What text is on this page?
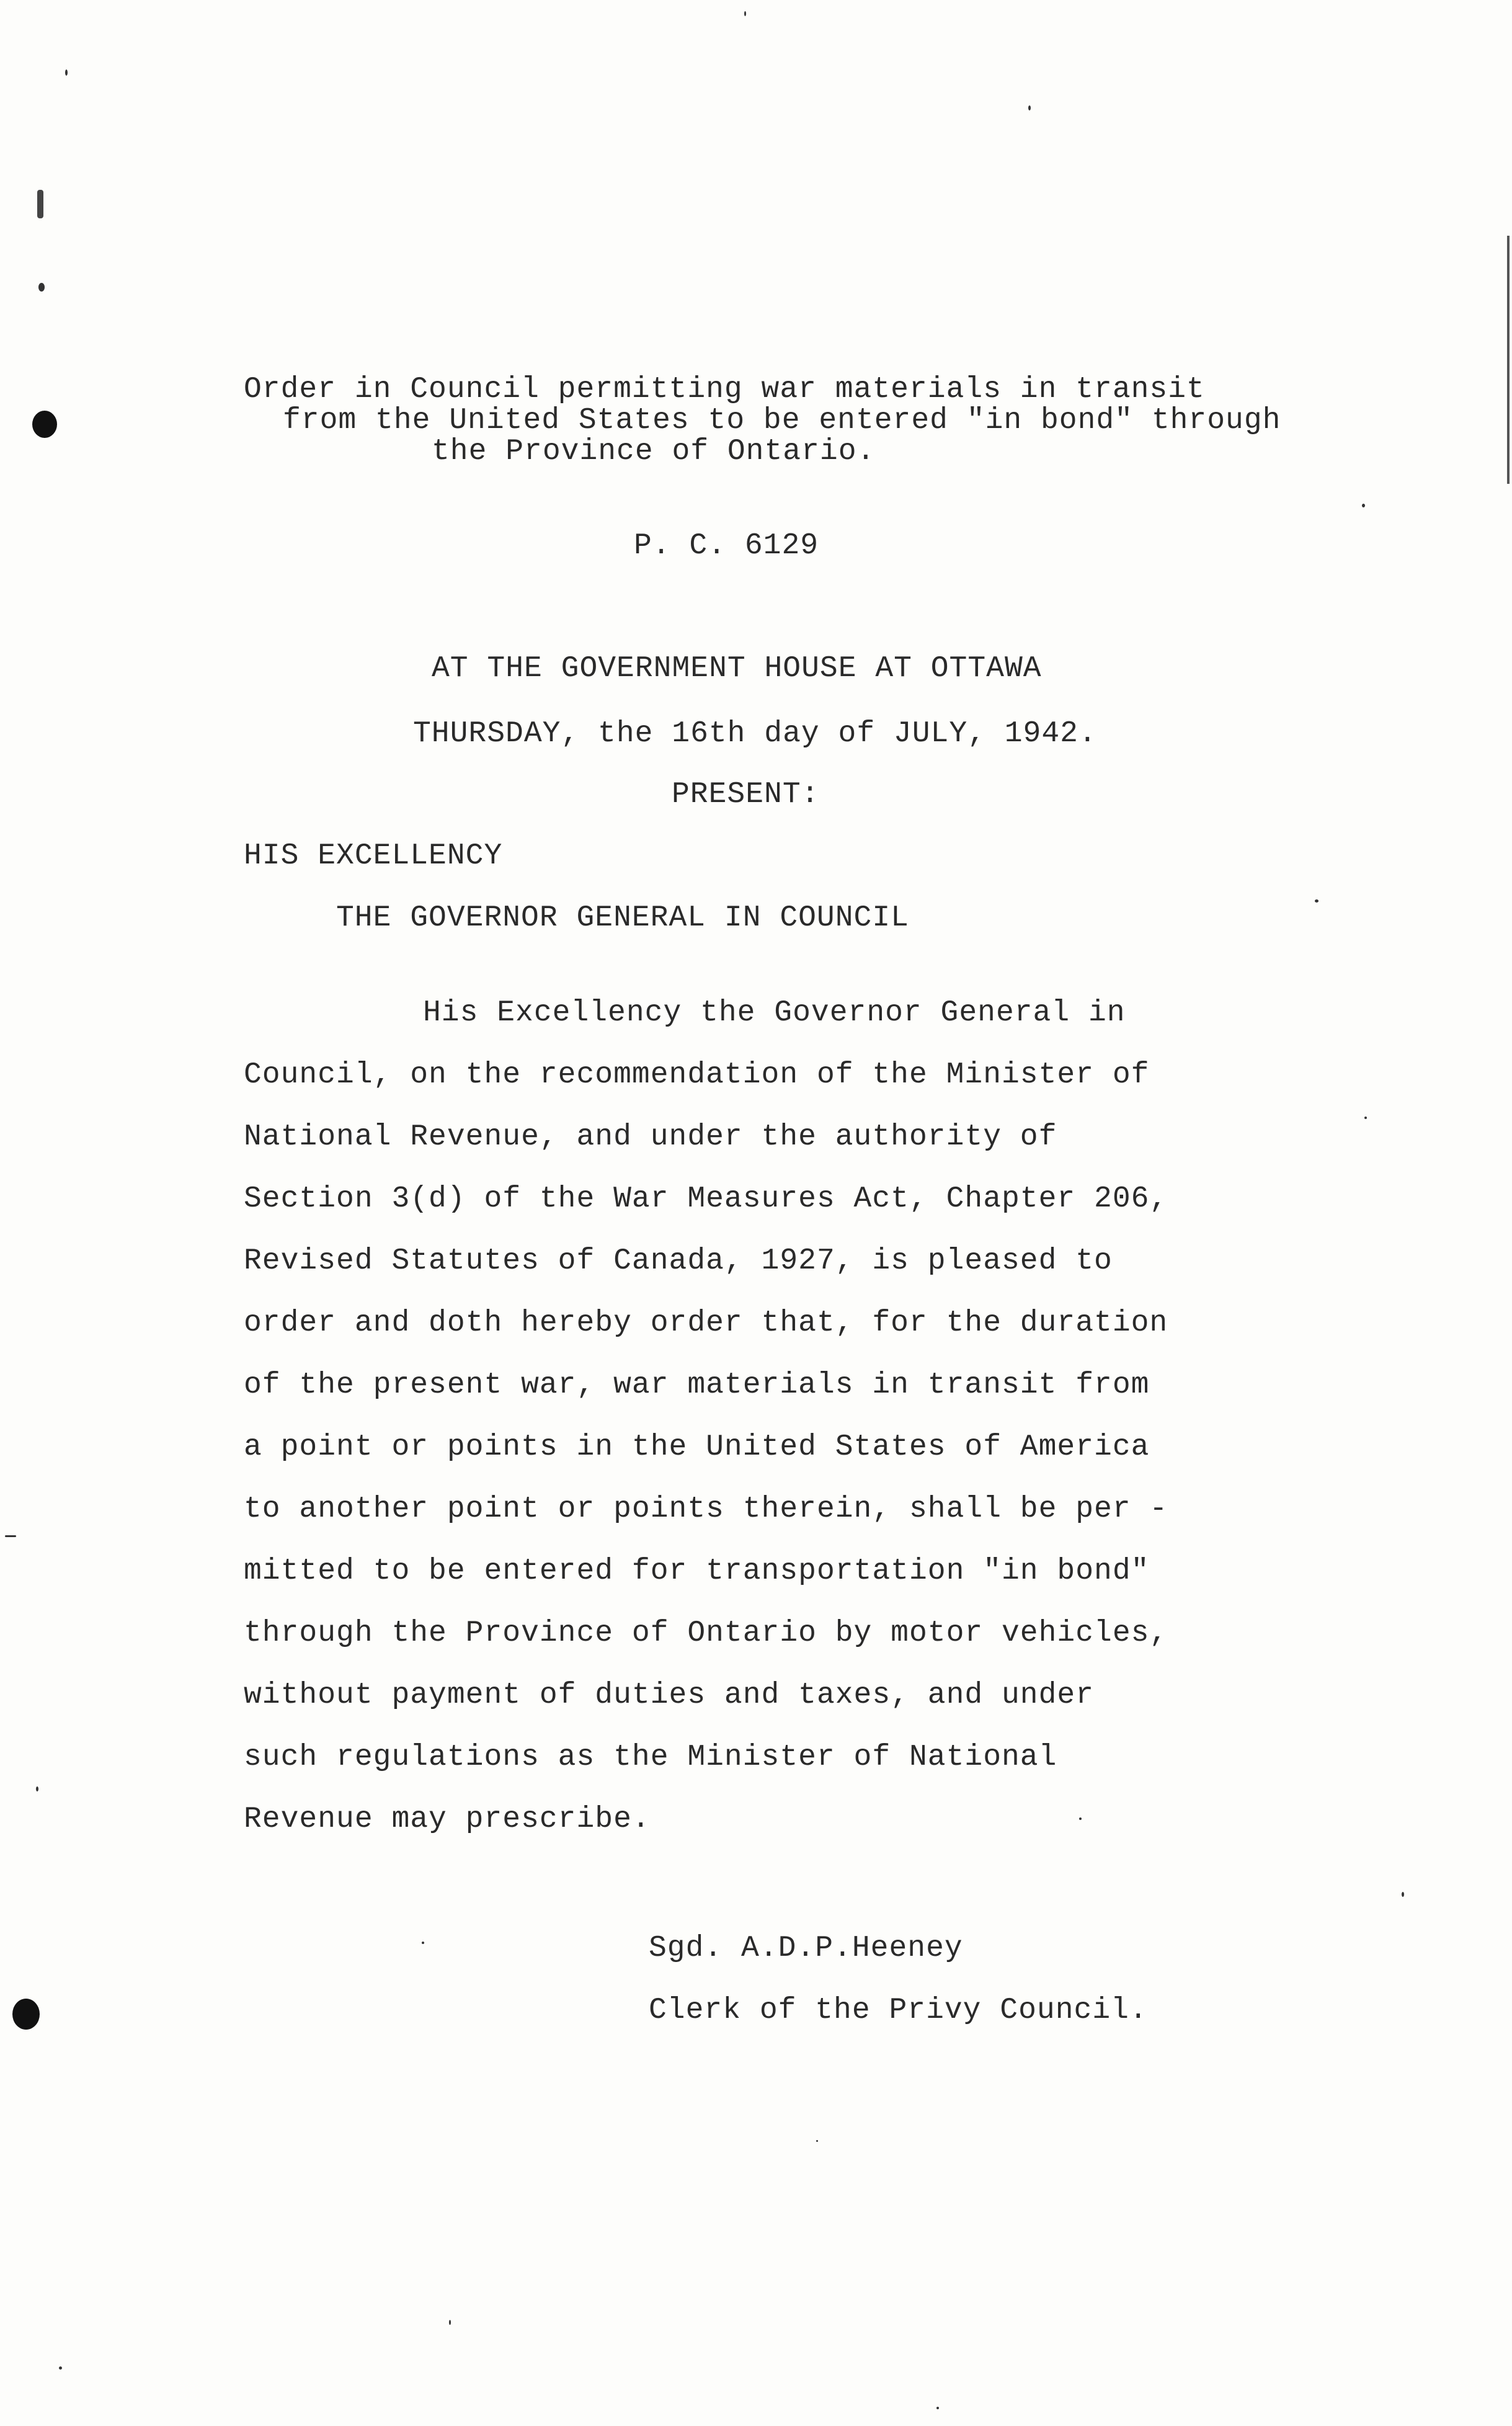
Order in Council permitting war materials in transit
from the United States to be entered "in bond" through
the Province of Ontario.
P. C. 6129
AT THE GOVERNMENT HOUSE AT OTTAWA
THURSDAY, the 16th day of JULY, 1942.
PRESENT:
HIS EXCELLENCY
THE GOVERNOR GENERAL IN COUNCIL
His Excellency the Governor General in
Council, on the recommendation of the Minister of
National Revenue, and under the authority of
Section 3(d) of the War Measures Act, Chapter 206,
Revised Statutes of Canada, 1927, is pleased to
order and doth hereby order that, for the duration
of the present war, war materials in transit from
a point or points in the United States of America
to another point or points therein, shall be per -
mitted to be entered for transportation "in bond"
through the Province of Ontario by motor vehicles,
without payment of duties and taxes, and under
such regulations as the Minister of National
Revenue may prescribe.
Sgd. A.D.P.Heeney
Clerk of the Privy Council.
